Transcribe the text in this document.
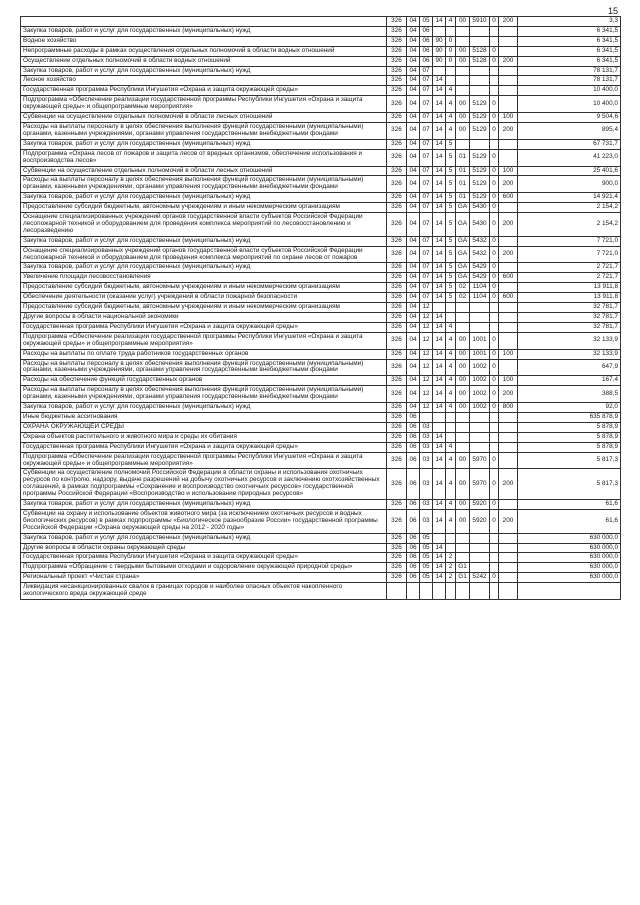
15
	326	04	05	14	4	00	5910	0	200	3,3
Закупка товаров, работ и услуг для государственных (муниципальных) нужд	326	04	06							6 341,5
Водное хозяйство	326	04	06	90	0					6 341,5
Непрограммные расходы в рамках осуществления отдельных полномочий в области водных отношений	326	04	06	90	0	00	5128	0		6 341,5
Осуществление отдельных полномочий в области водных отношений	326	04	06	90	0	00	5128	0	200	6 341,5
Закупка товаров, работ и услуг для государственных (муниципальных) нужд	326	04	07							78 131,7
Лесное хозяйство	326	04	07	14						78 131,7
Государственная программа Республики Ингушетия «Охрана и защита окружающей среды»	326	04	07	14	4					10 400,0
Подпрограмма «Обеспечение реализации государственной программы Республики Ингушетия «Охрана и защита окружающей среды» и общепрограммные мероприятия»	326	04	07	14	4	00	5129	0		10 400,0
Субвенции на осуществление отдельных полномочий в области лесных отношений	326	04	07	14	4	00	5129	0	100	9 504,6
Расходы на выплаты персоналу в целях обеспечения выполнения функций государственными (муниципальными) органами, казенными учреждениями, органами управления государственными внебюджетными фондами	326	04	07	14	4	00	5129	0	200	895,4
Закупка товаров, работ и услуг для государственных (муниципальных) нужд	326	04	07	14	5					67 731,7
Подпрограмма «Охрана лесов от пожаров и защита лесов от вредных организмов, обеспечение использования и воспроизводства лесов»	326	04	07	14	5	01	5129	0		41 223,0
Субвенции на осуществление отдельных полномочий в области лесных отношений	326	04	07	14	5	01	5129	0	100	25 401,6
Расходы на выплаты персоналу в целях обеспечения выполнения функций государственными (муниципальными) органами, казенными учреждениями, органами управления государственными внебюджетными фондами	326	04	07	14	5	01	5129	0	200	900,0
Закупка товаров, работ и услуг для государственных (муниципальных) нужд	326	04	07	14	5	01	5129	0	600	14 921,4
Предоставление субсидий бюджетным, автономным учреждениям и иным некоммерческим организациям	326	04	07	14	5	GA	5430	0		2 154,2
Оснащение специализированных учреждений органов государственной власти субъектов Российской Федерации лесопожарной техникой и оборудованием для проведения комплекса мероприятий по лесовосстановлению и лесоразведению	326	04	07	14	5	GA	5430	0	200	2 154,2
Закупка товаров, работ и услуг для государственных (муниципальных) нужд	326	04	07	14	5	GA	5432	0		7 721,0
Оснащение специализированных учреждений органов государственной власти субъектов Российской Федерации лесопожарной техникой и оборудованием для проведения комплекса мероприятий по охране лесов от пожаров	326	04	07	14	5	GA	5432	0	200	7 721,0
Закупка товаров, работ и услуг для государственных (муниципальных) нужд	326	04	07	14	5	GA	5429	0		2 721,7
Увеличение площади лесовосстановления	326	04	07	14	5	GA	5429	0	600	2 721,7
Предоставление субсидий бюджетным, автономным учреждениям и иным некоммерческим организациям	326	04	07	14	5	02	1104	0		13 911,8
Обеспечение деятельности (оказание услуг) учреждений в области пожарной безопасности	326	04	07	14	5	02	1104	0	600	13 911,8
Предоставление субсидий бюджетным, автономным учреждениям и иным некоммерческим организациям	326	04	12							32 781,7
Другие вопросы в области национальной экономики	326	04	12	14						32 781,7
Государственная программа Республики Ингушетия «Охрана и защита окружающей среды»	326	04	12	14	4					32 781,7
Подпрограмма «Обеспечение реализации государственной программы Республики Ингушетия «Охрана и защита окружающей среды» и общепрограммные мероприятия»	326	04	12	14	4	00	1001	0		32 133,9
Расходы на выплаты по оплате труда работников государственных органов	326	04	12	14	4	00	1001	0	100	32 133,9
Расходы на выплаты персоналу в целях обеспечения выполнения функций государственными (муниципальными) органами, казенными учреждениями, органами управления государственными внебюджетными фондами	326	04	12	14	4	00	1002	0		647,9
Расходы на обеспечение функций государственных органов	326	04	12	14	4	00	1002	0	100	167,4
Расходы на выплаты персоналу в целях обеспечения выполнения функций государственными (муниципальными) органами, казенными учреждениями, органами управления государственными внебюджетными фондами	326	04	12	14	4	00	1002	0	200	388,5
Закупка товаров, работ и услуг для государственных (муниципальных) нужд	326	04	12	14	4	00	1002	0	800	92,0
Иные бюджетные ассигнования	326	06								635 878,9
ОХРАНА ОКРУЖАЮЩЕЙ СРЕДЫ	326	06	03							5 878,9
Охрана объектов растительного и животного мира и среды их обитания	326	06	03	14						5 878,9
Государственная программа Республики Ингушетия «Охрана и защита окружающей среды»	326	06	03	14	4					5 878,9
Подпрограмма «Обеспечение реализации государственной программы Республики Ингушетия «Охрана и защита окружающей среды» и общепрограммные мероприятия»	326	06	03	14	4	00	5970	0		5 817,3
Субвенции на осуществление полномочий Российской Федерации в области охраны и использования охотничьих ресурсов по контролю, надзору, выдаче разрешений на добычу охотничьих ресурсов и заключению охотхозяйственных соглашений, в рамках подпрограммы «Сохранение и воспроизводство охотничьих ресурсов» государственной программы Российской Федерации «Воспроизводство и использование природных ресурсов»	326	06	03	14	4	00	5970	0	200	5 817,3
Закупка товаров, работ и услуг для государственных (муниципальных) нужд	326	06	03	14	4	00	5920	0		61,6
Субвенции на охрану и использование объектов животного мира (за исключением охотничьих ресурсов и водных биологических ресурсов) в рамках подпрограммы «Биологическое разнообразие России» государственной программы Российской Федерации «Охрана окружающей среды на 2012 - 2020 годы»	326	06	03	14	4	00	5920	0	200	61,6
Закупка товаров, работ и услуг для государственных (муниципальных) нужд	326	06	05							630 000,0
Другие вопросы в области охраны окружающей среды	326	06	05	14						630 000,0
Государственная программа Республики Ингушетия «Охрана и защита окружающей среды»	326	06	05	14	2					630 000,0
Подпрограмма «Обращение с твердыми бытовыми отходами и оздоровление окружающей природной среды»	326	06	05	14	2	G1				630 000,0
Региональный проект «Чистая страна»	326	06	05	14	2	G1	5242	0		630 000,0
Ликвидация несанкционированных свалок в границах городов и наиболее опасных объектов накопленного экологического вреда окружающей среде										
